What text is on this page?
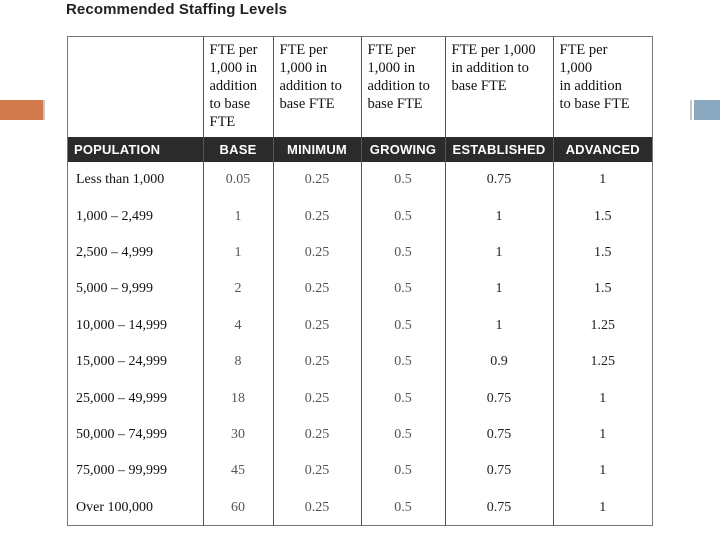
Recommended Staffing Levels
	FTE per
1,000 in
addition
to base
FTE	FTE per
1,000 in
addition to
base FTE	FTE per
1,000 in
addition to
base FTE	FTE per 1,000
in addition to
base FTE	FTE per
1,000
in addition
to base FTE
POPULATION	BASE	MINIMUM	GROWING	ESTABLISHED	ADVANCED
Less than 1,000	0.05	0.25	0.5	0.75	1
1,000 – 2,499	1	0.25	0.5	1	1.5
2,500 – 4,999	1	0.25	0.5	1	1.5
5,000 – 9,999	2	0.25	0.5	1	1.5
10,000 – 14,999	4	0.25	0.5	1	1.25
15,000 – 24,999	8	0.25	0.5	0.9	1.25
25,000 – 49,999	18	0.25	0.5	0.75	1
50,000 – 74,999	30	0.25	0.5	0.75	1
75,000 – 99,999	45	0.25	0.5	0.75	1
Over 100,000	60	0.25	0.5	0.75	1
